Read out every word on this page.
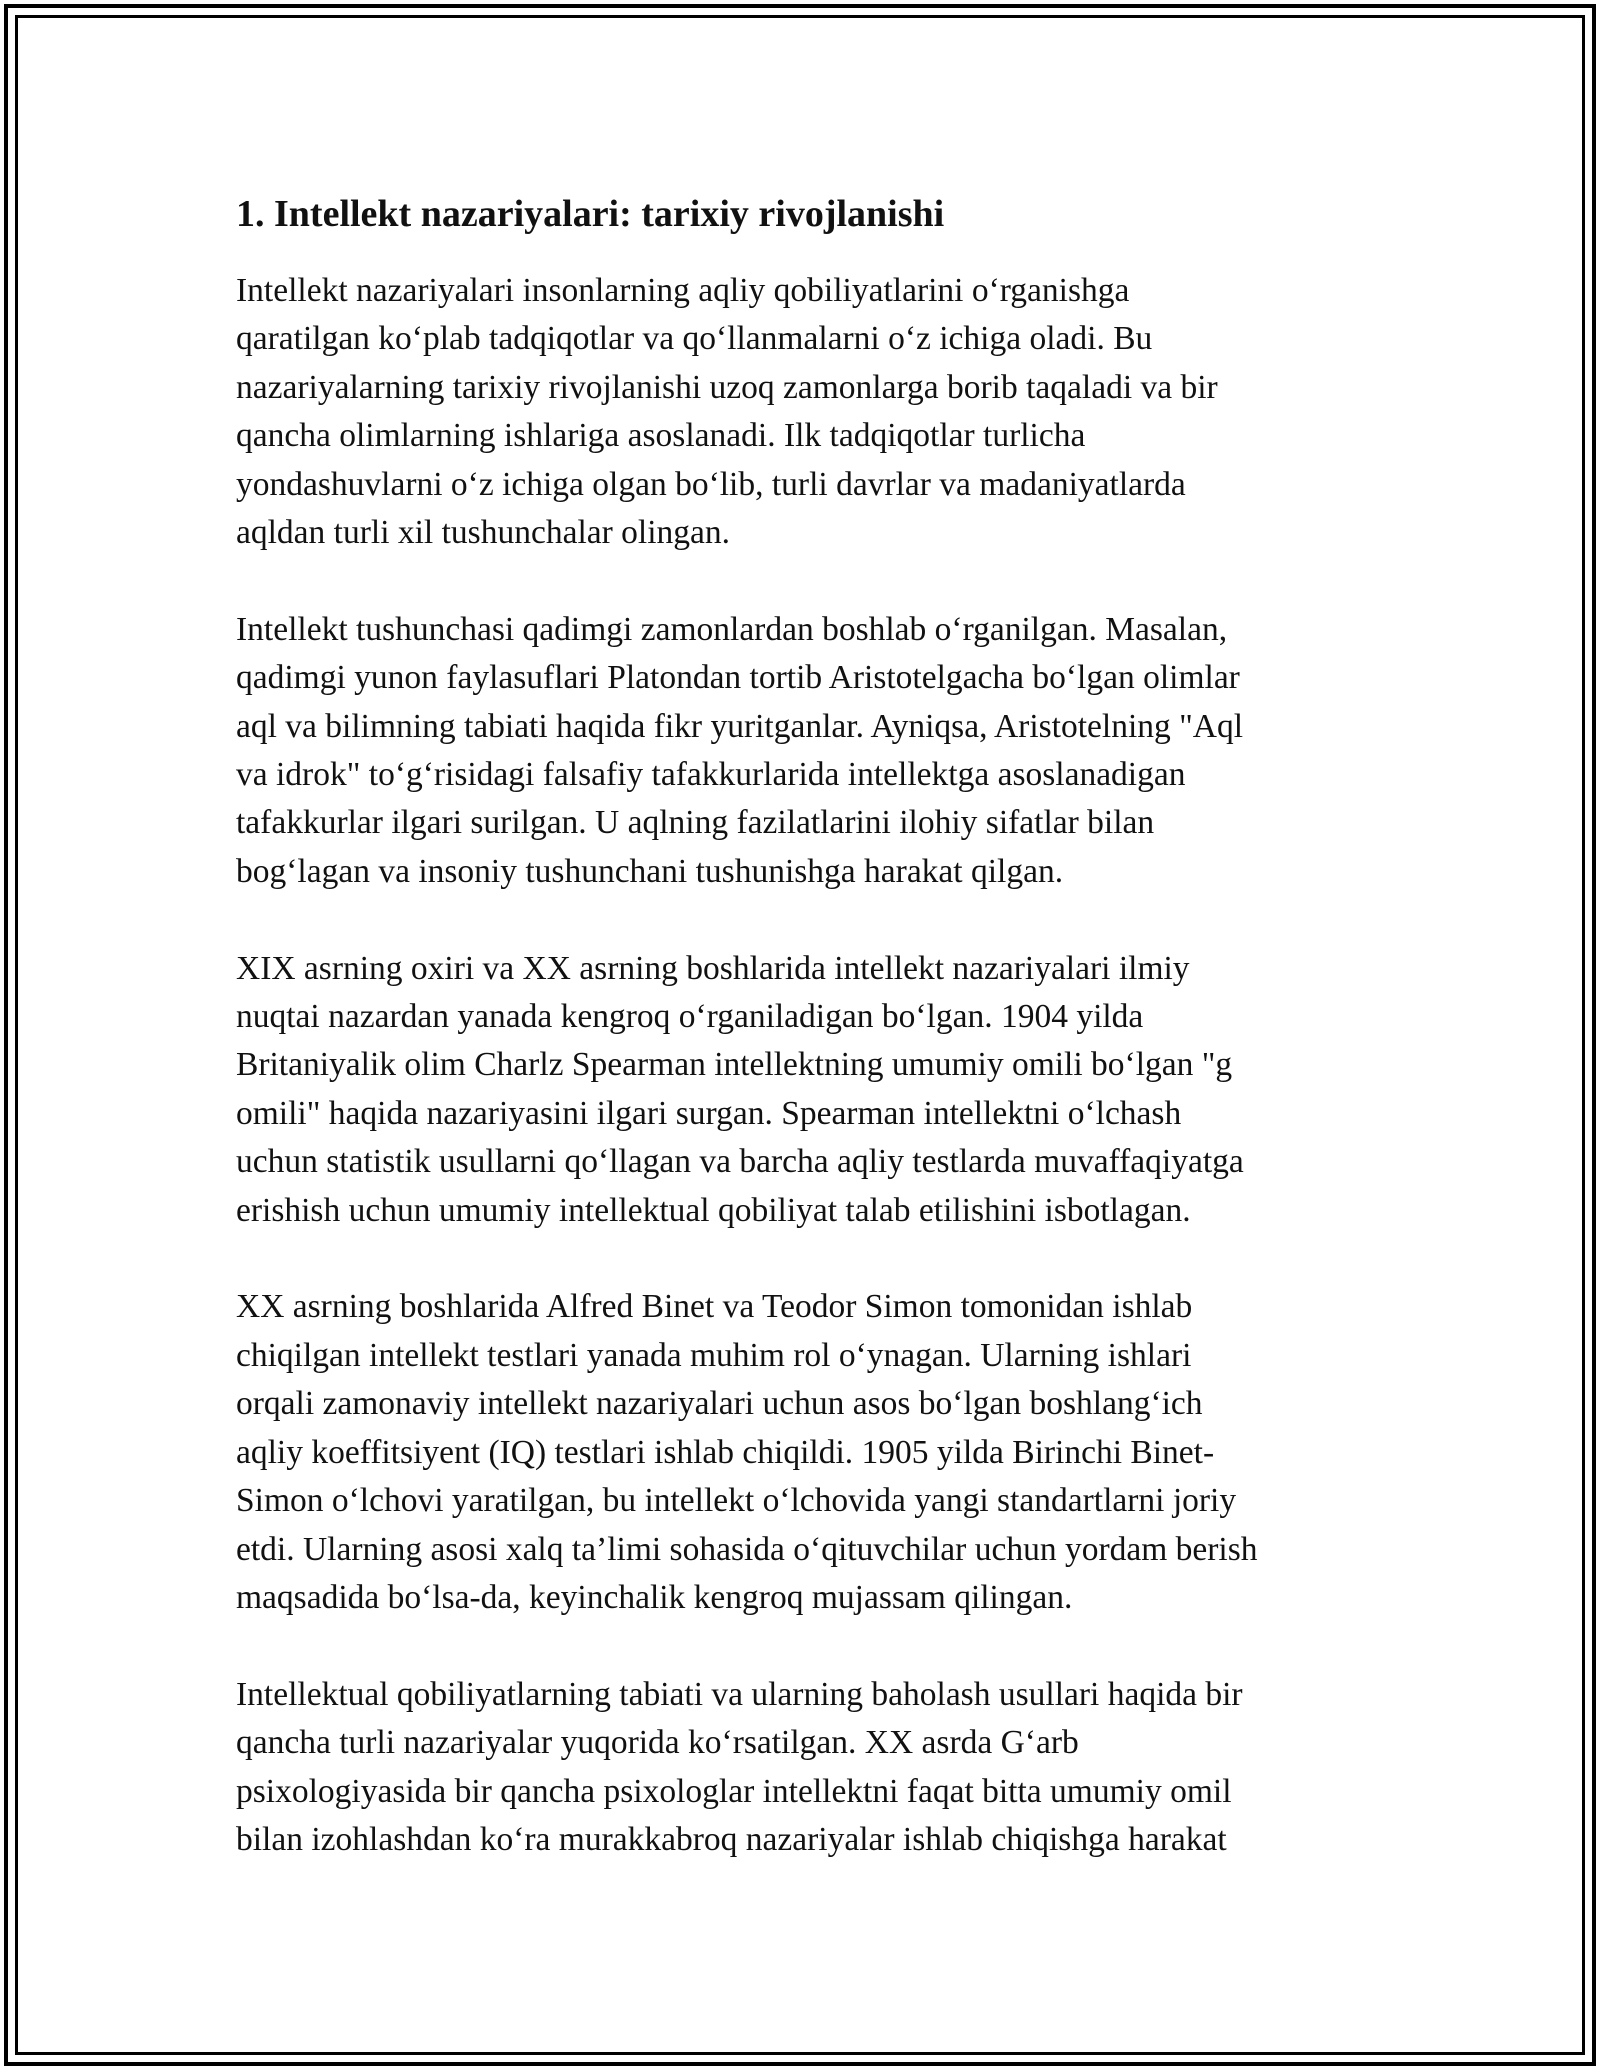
1. Intellekt nazariyalari: tarixiy rivojlanishi

Intellekt nazariyalari insonlarning aqliy qobiliyatlarini o‘rganishga
qaratilgan ko‘plab tadqiqotlar va qo‘llanmalarni o‘z ichiga oladi. Bu
nazariyalarning tarixiy rivojlanishi uzoq zamonlarga borib taqaladi va bir
qancha olimlarning ishlariga asoslanadi. Ilk tadqiqotlar turlicha
yondashuvlarni o‘z ichiga olgan bo‘lib, turli davrlar va madaniyatlarda
aqldan turli xil tushunchalar olingan.

Intellekt tushunchasi qadimgi zamonlardan boshlab o‘rganilgan. Masalan,
qadimgi yunon faylasuflari Platondan tortib Aristotelgacha bo‘lgan olimlar
aql va bilimning tabiati haqida fikr yuritganlar. Ayniqsa, Aristotelning "Aql
va idrok" to‘g‘risidagi falsafiy tafakkurlarida intellektga asoslanadigan
tafakkurlar ilgari surilgan. U aqlning fazilatlarini ilohiy sifatlar bilan
bog‘lagan va insoniy tushunchani tushunishga harakat qilgan.

XIX asrning oxiri va XX asrning boshlarida intellekt nazariyalari ilmiy
nuqtai nazardan yanada kengroq o‘rganiladigan bo‘lgan. 1904 yilda
Britaniyalik olim Charlz Spearman intellektning umumiy omili bo‘lgan "g
omili" haqida nazariyasini ilgari surgan. Spearman intellektni o‘lchash
uchun statistik usullarni qo‘llagan va barcha aqliy testlarda muvaffaqiyatga
erishish uchun umumiy intellektual qobiliyat talab etilishini isbotlagan.

XX asrning boshlarida Alfred Binet va Teodor Simon tomonidan ishlab
chiqilgan intellekt testlari yanada muhim rol o‘ynagan. Ularning ishlari
orqali zamonaviy intellekt nazariyalari uchun asos bo‘lgan boshlang‘ich
aqliy koeffitsiyent (IQ) testlari ishlab chiqildi. 1905 yilda Birinchi Binet-
Simon o‘lchovi yaratilgan, bu intellekt o‘lchovida yangi standartlarni joriy
etdi. Ularning asosi xalq ta’limi sohasida o‘qituvchilar uchun yordam berish
maqsadida bo‘lsa-da, keyinchalik kengroq mujassam qilingan.

Intellektual qobiliyatlarning tabiati va ularning baholash usullari haqida bir
qancha turli nazariyalar yuqorida ko‘rsatilgan. XX asrda G‘arb
psixologiyasida bir qancha psixologlar intellektni faqat bitta umumiy omil
bilan izohlashdan ko‘ra murakkabroq nazariyalar ishlab chiqishga harakat
